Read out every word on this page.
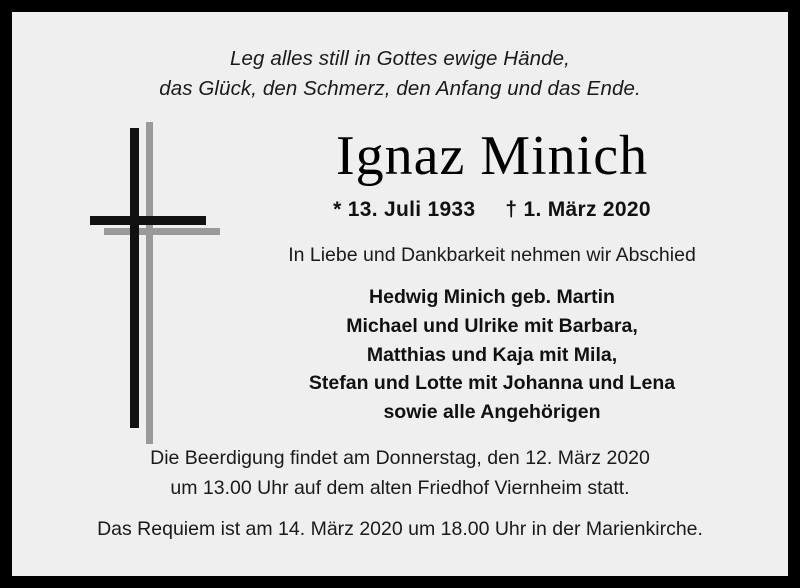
Leg alles still in Gottes ewige Hände,
das Glück, den Schmerz, den Anfang und das Ende.
Ignaz Minich
* 13. Juli 1933 † 1. März 2020
In Liebe und Dankbarkeit nehmen wir Abschied
Hedwig Minich geb. Martin
Michael und Ulrike mit Barbara,
Matthias und Kaja mit Mila,
Stefan und Lotte mit Johanna und Lena
sowie alle Angehörigen
Die Beerdigung findet am Donnerstag, den 12. März 2020
um 13.00 Uhr auf dem alten Friedhof Viernheim statt.
Das Requiem ist am 14. März 2020 um 18.00 Uhr in der Marienkirche.
